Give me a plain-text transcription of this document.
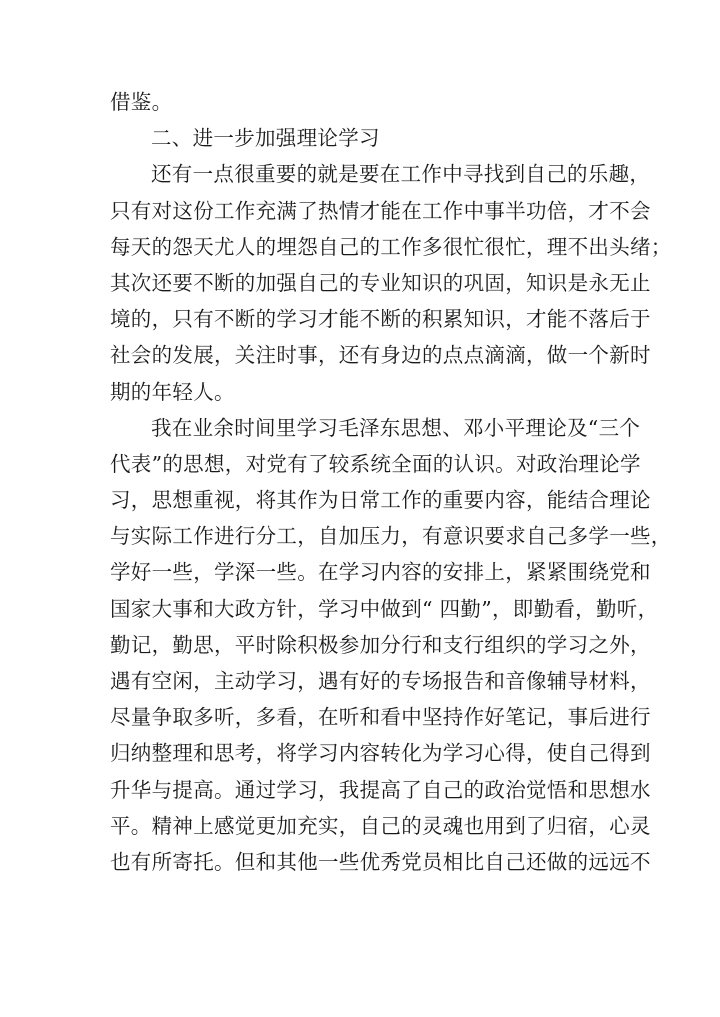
借鉴。
二、进一步加强理论学习
还有一点很重要的就是要在工作中寻找到自己的乐趣，
只有对这份工作充满了热情才能在工作中事半功倍，才不会
每天的怨天尤人的埋怨自己的工作多很忙很忙，理不出头绪；
其次还要不断的加强自己的专业知识的巩固，知识是永无止
境的，只有不断的学习才能不断的积累知识，才能不落后于
社会的发展，关注时事，还有身边的点点滴滴，做一个新时
期的年轻人。
我在业余时间里学习毛泽东思想、邓小平理论及“三个
代表”的思想，对党有了较系统全面的认识。对政治理论学
习，思想重视，将其作为日常工作的重要内容，能结合理论
与实际工作进行分工，自加压力，有意识要求自己多学一些，
学好一些，学深一些。在学习内容的安排上，紧紧围绕党和
国家大事和大政方针，学习中做到“ 四勤”，即勤看，勤听，
勤记，勤思，平时除积极参加分行和支行组织的学习之外，
遇有空闲，主动学习，遇有好的专场报告和音像辅导材料，
尽量争取多听，多看，在听和看中坚持作好笔记，事后进行
归纳整理和思考，将学习内容转化为学习心得，使自己得到
升华与提高。通过学习，我提高了自己的政治觉悟和思想水
平。精神上感觉更加充实，自己的灵魂也用到了归宿，心灵
也有所寄托。但和其他一些优秀党员相比自己还做的远远不
